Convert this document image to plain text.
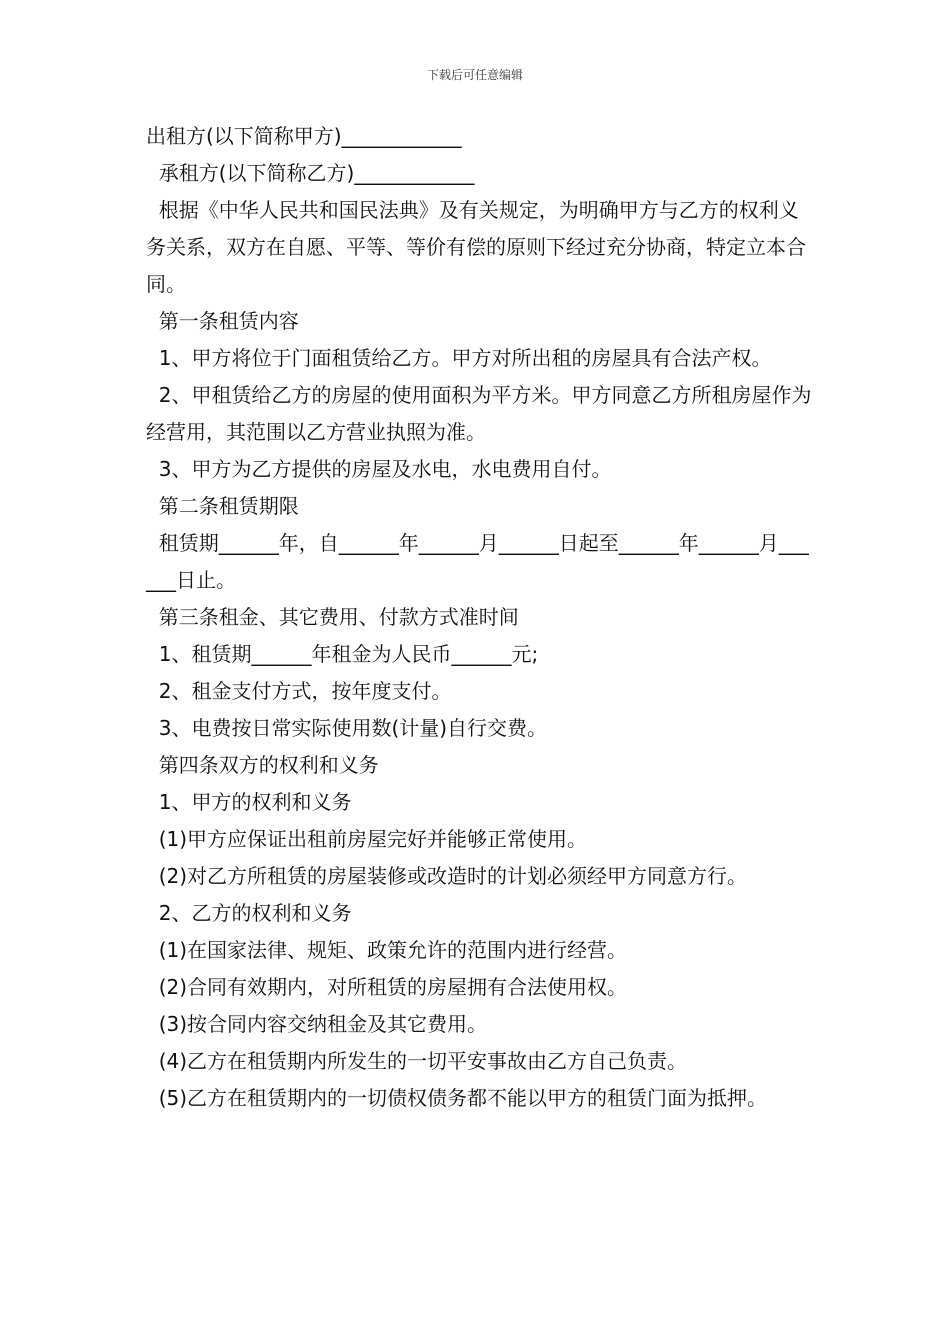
下载后可任意编辑

出租方(以下简称甲方)____________

承租方(以下简称乙方)____________

根据《中华人民共和国民法典》及有关规定，为明确甲方与乙方的权利义务关系，双方在自愿、平等、等价有偿的原则下经过充分协商，特定立本合同。

第一条租赁内容

1、甲方将位于门面租赁给乙方。甲方对所出租的房屋具有合法产权。

2、甲租赁给乙方的房屋的使用面积为平方米。甲方同意乙方所租房屋作为经营用，其范围以乙方营业执照为准。

3、甲方为乙方提供的房屋及水电，水电费用自付。

第二条租赁期限

租赁期______年，自______年______月______日起至______年______月______日止。

第三条租金、其它费用、付款方式准时间

1、租赁期______年租金为人民币______元;

2、租金支付方式，按年度支付。

3、电费按日常实际使用数(计量)自行交费。

第四条双方的权利和义务

1、甲方的权利和义务

(1)甲方应保证出租前房屋完好并能够正常使用。

(2)对乙方所租赁的房屋装修或改造时的计划必须经甲方同意方行。

2、乙方的权利和义务

(1)在国家法律、规矩、政策允许的范围内进行经营。

(2)合同有效期内，对所租赁的房屋拥有合法使用权。

(3)按合同内容交纳租金及其它费用。

(4)乙方在租赁期内所发生的一切平安事故由乙方自己负责。

(5)乙方在租赁期内的一切债权债务都不能以甲方的租赁门面为抵押。
